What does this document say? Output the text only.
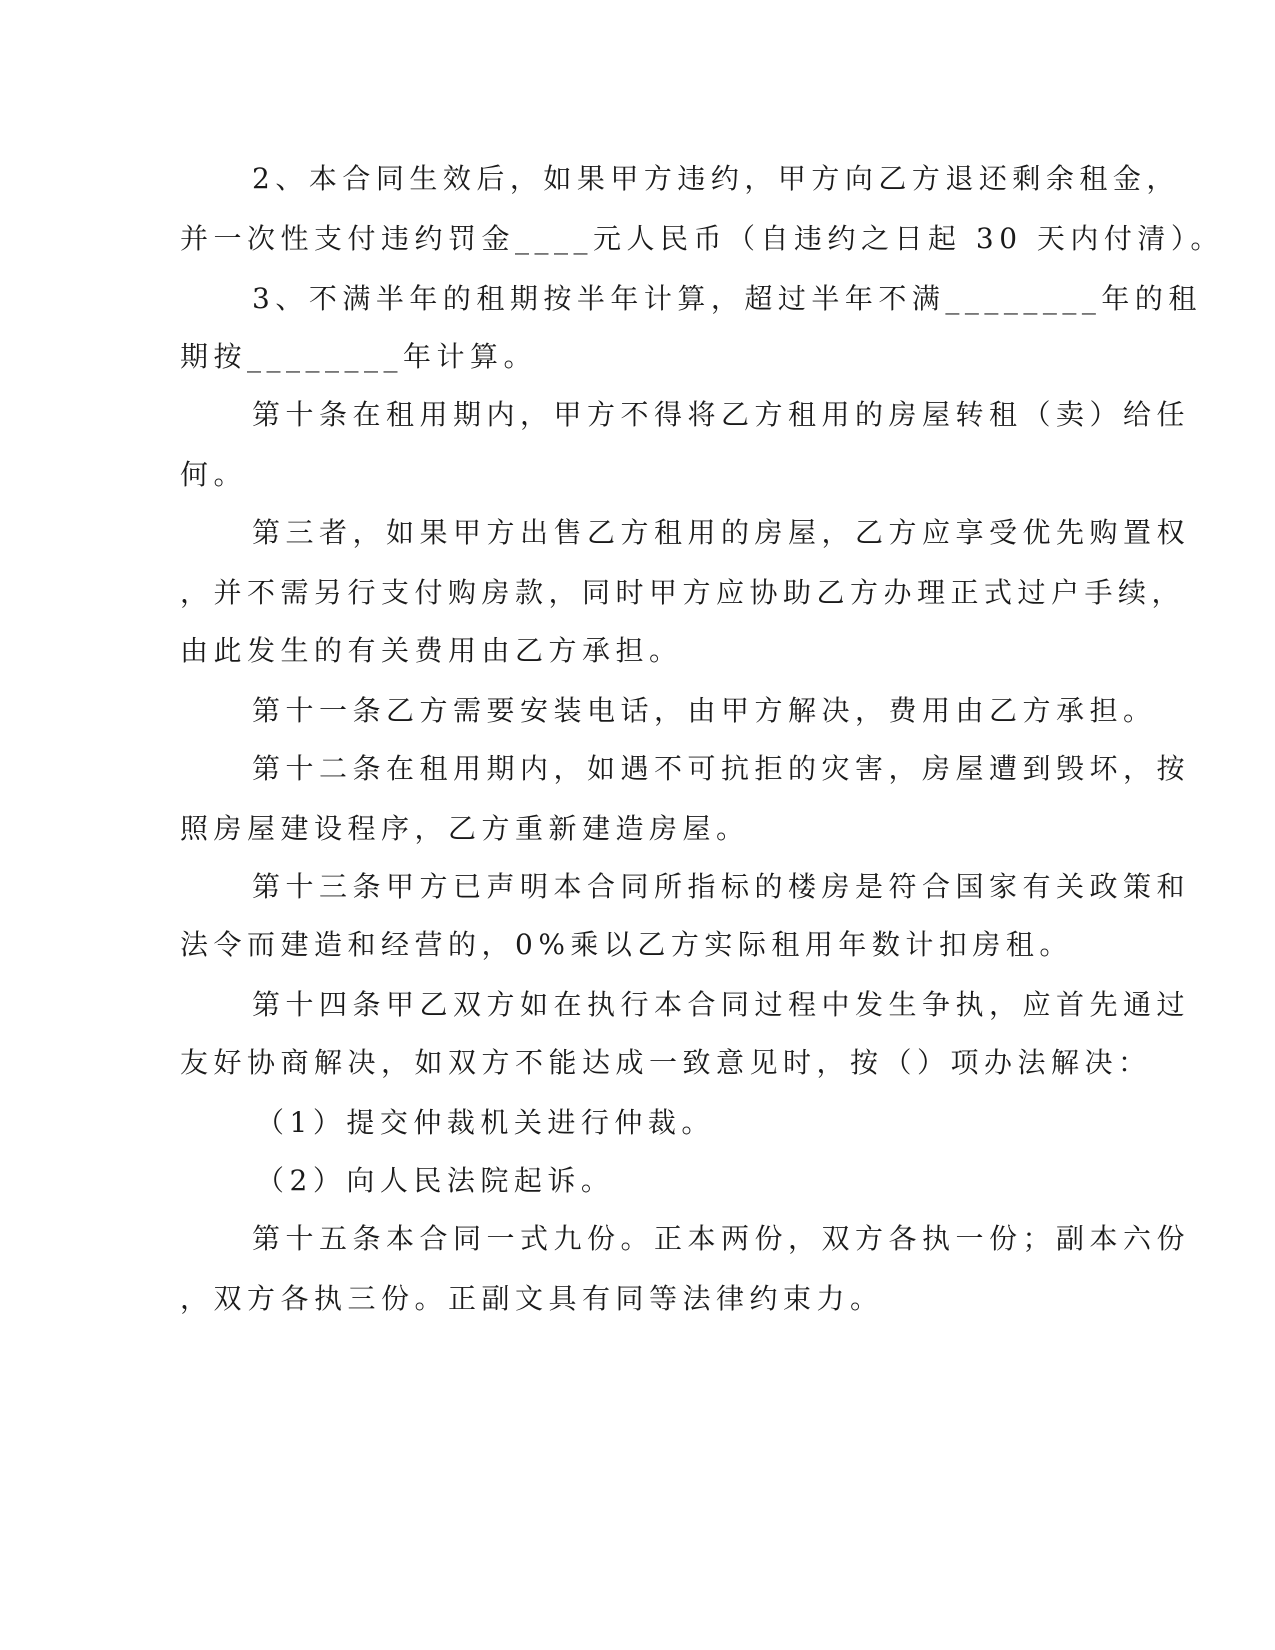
2、本合同生效后，如果甲方违约，甲方向乙方退还剩余租金，
并一次性支付违约罚金____元人民币（自违约之日起 30 天内付清）。
3、不满半年的租期按半年计算，超过半年不满________年的租
期按________年计算。
第十条在租用期内，甲方不得将乙方租用的房屋转租（卖）给任
何。
第三者，如果甲方出售乙方租用的房屋，乙方应享受优先购置权
，并不需另行支付购房款，同时甲方应协助乙方办理正式过户手续，
由此发生的有关费用由乙方承担。
第十一条乙方需要安装电话，由甲方解决，费用由乙方承担。
第十二条在租用期内，如遇不可抗拒的灾害，房屋遭到毁坏，按
照房屋建设程序，乙方重新建造房屋。
第十三条甲方已声明本合同所指标的楼房是符合国家有关政策和
法令而建造和经营的，0%乘以乙方实际租用年数计扣房租。
第十四条甲乙双方如在执行本合同过程中发生争执，应首先通过
友好协商解决，如双方不能达成一致意见时，按（）项办法解决：
（1）提交仲裁机关进行仲裁。
（2）向人民法院起诉。
第十五条本合同一式九份。正本两份，双方各执一份；副本六份
，双方各执三份。正副文具有同等法律约束力。
